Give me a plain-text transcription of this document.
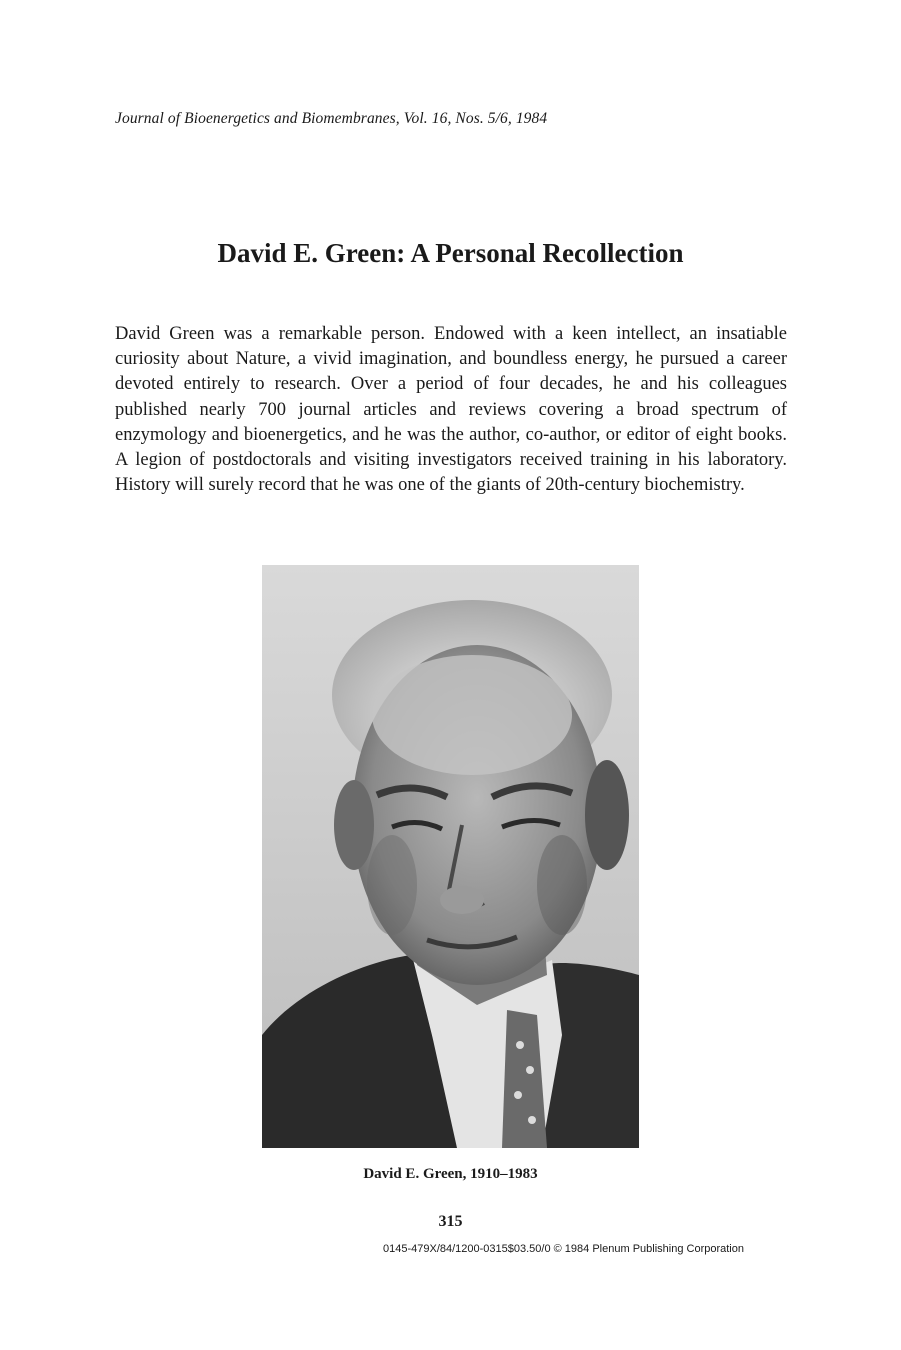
Journal of Bioenergetics and Biomembranes, Vol. 16, Nos. 5/6, 1984
David E. Green: A Personal Recollection

David Green was a remarkable person. Endowed with a keen intellect, an insatiable curiosity about Nature, a vivid imagination, and boundless energy, he pursued a career devoted entirely to research. Over a period of four decades, he and his colleagues published nearly 700 journal articles and reviews covering a broad spectrum of enzymology and bioenergetics, and he was the author, co-author, or editor of eight books. A legion of postdoctorals and visiting investigators received training in his laboratory. History will surely record that he was one of the giants of 20th-century biochemistry.

David E. Green, 1910–1983
315
0145-479X/84/1200-0315$03.50/0 © 1984 Plenum Publishing Corporation
